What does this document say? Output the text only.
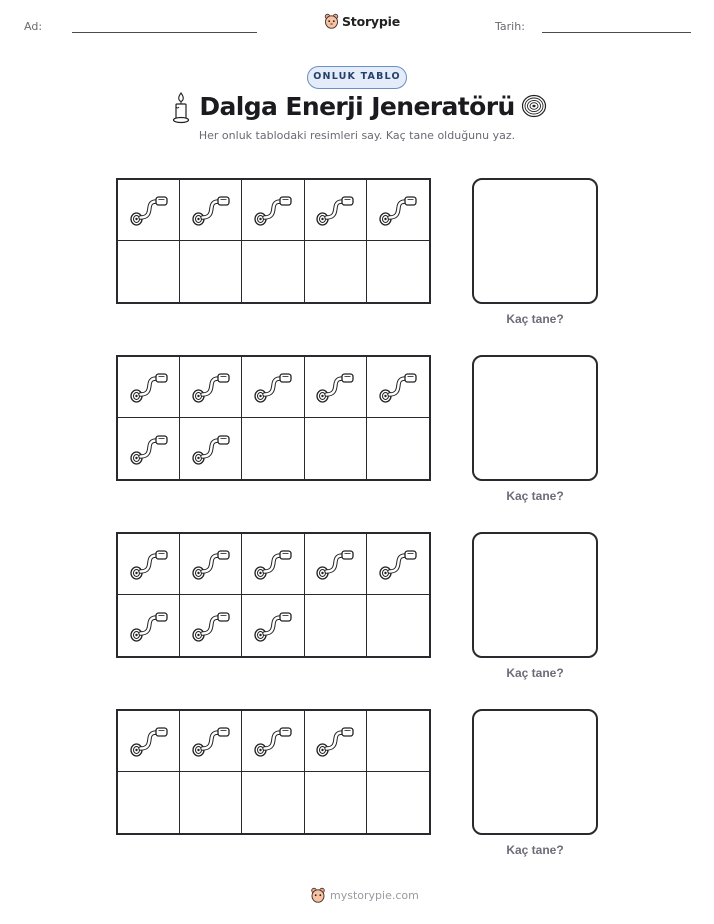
Ad:	Storypie	Tarih:
ONLUK TABLO
Dalga Enerji Jeneratörü
Her onluk tablodaki resimleri say. Kaç tane olduğunu yaz.
Kaç tane?
Kaç tane?
Kaç tane?
Kaç tane?
mystorypie.com
